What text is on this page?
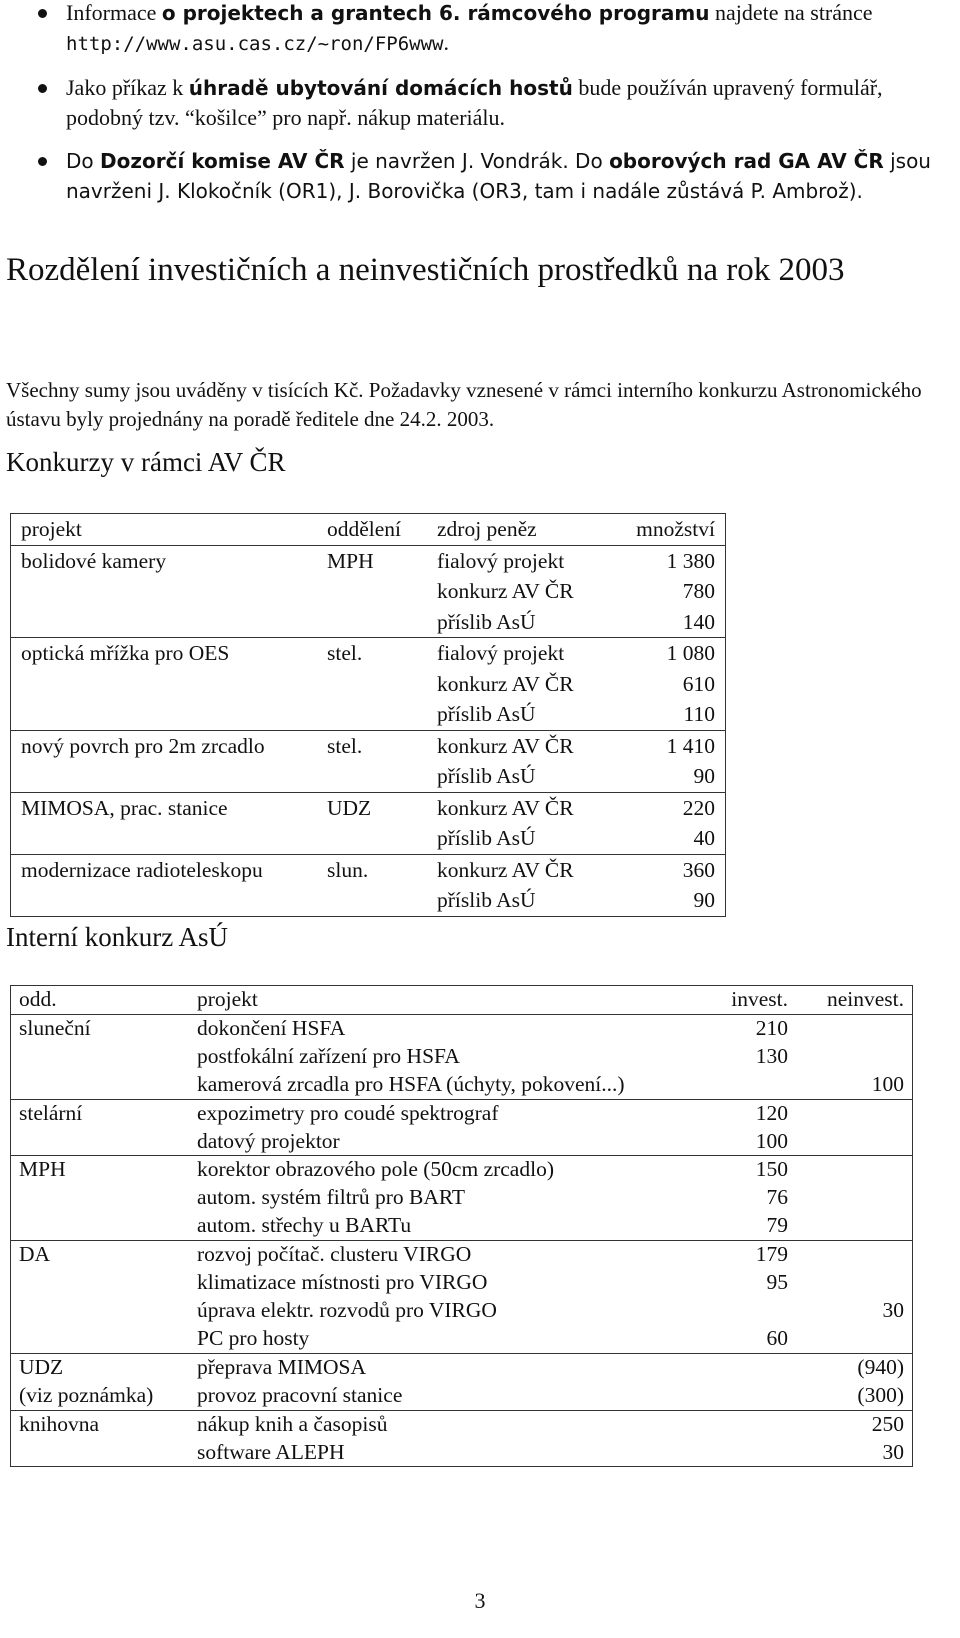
Informace o projektech a grantech 6. rámcového programu najdete na stránce http://www.asu.cas.cz/~ron/FP6www.
Jako příkaz k úhradě ubytování domácích hostů bude používán upravený formulář, podobný tzv. “košilce” pro např. nákup materiálu.
Do Dozorčí komise AV ČR je navržen J. Vondrák. Do oborových rad GA AV ČR jsou navrženi J. Klokočník (OR1), J. Borovička (OR3, tam i nadále zůstává P. Ambrož).
Rozdělení investičních a neinvestičních prostředků na rok 2003

Všechny sumy jsou uváděny v tisících Kč. Požadavky vznesené v rámci interního konkurzu Astronomického ústavu byly projednány na poradě ředitele dne 24.2. 2003.

Konkurzy v rámci AV ČR
projekt	oddělení	zdroj peněz	množství
bolidové kamery	MPH	fialový projekt	1 380
		konkurz AV ČR	780
		příslib AsÚ	140
optická mřížka pro OES	stel.	fialový projekt	1 080
		konkurz AV ČR	610
		příslib AsÚ	110
nový povrch pro 2m zrcadlo	stel.	konkurz AV ČR	1 410
		příslib AsÚ	90
MIMOSA, prac. stanice	UDZ	konkurz AV ČR	220
		příslib AsÚ	40
modernizace radioteleskopu	slun.	konkurz AV ČR	360
		příslib AsÚ	90
Interní konkurz AsÚ
odd.	projekt	invest.	neinvest.
sluneční	dokončení HSFA	210	
	postfokální zařízení pro HSFA	130	
	kamerová zrcadla pro HSFA (úchyty, pokovení...)		100
stelární	expozimetry pro coudé spektrograf	120	
	datový projektor	100	
MPH	korektor obrazového pole (50cm zrcadlo)	150	
	autom. systém filtrů pro BART	76	
	autom. střechy u BARTu	79	
DA	rozvoj počítač. clusteru VIRGO	179	
	klimatizace místnosti pro VIRGO	95	
	úprava elektr. rozvodů pro VIRGO		30
	PC pro hosty	60	
UDZ	přeprava MIMOSA		(940)
(viz poznámka)	provoz pracovní stanice		(300)
knihovna	nákup knih a časopisů		250
	software ALEPH		30
3
